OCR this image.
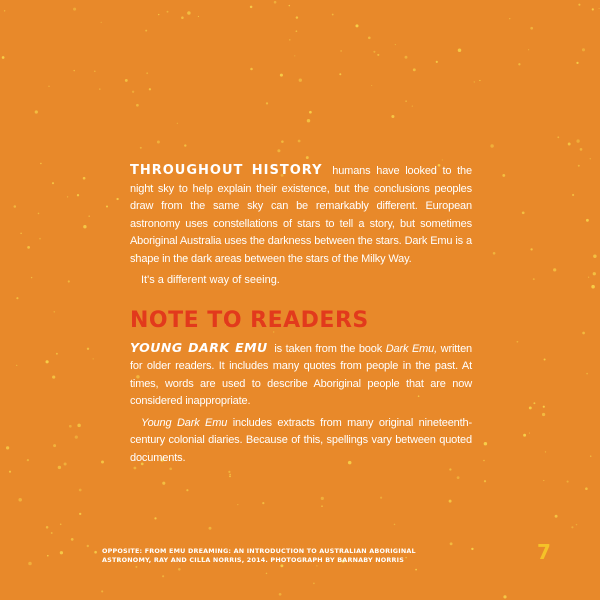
THROUGHOUT HISTORY humans have looked to the night sky to help explain their existence, but the conclusions peoples draw from the same sky can be remarkably different. European astronomy uses constellations of stars to tell a story, but sometimes Aboriginal Australia uses the darkness between the stars. Dark Emu is a shape in the dark areas between the stars of the Milky Way.

It's a different way of seeing.

NOTE TO READERS

YOUNG DARK EMU is taken from the book Dark Emu, written for older readers. It includes many quotes from people in the past. At times, words are used to describe Aboriginal people that are now considered inappropriate.

Young Dark Emu includes extracts from many original nineteenth-century colonial diaries. Because of this, spellings vary between quoted documents.

OPPOSITE: FROM EMU DREAMING: AN INTRODUCTION TO AUSTRALIAN ABORIGINAL
ASTRONOMY, RAY AND CILLA NORRIS, 2014. PHOTOGRAPH BY BARNABY NORRIS	7
